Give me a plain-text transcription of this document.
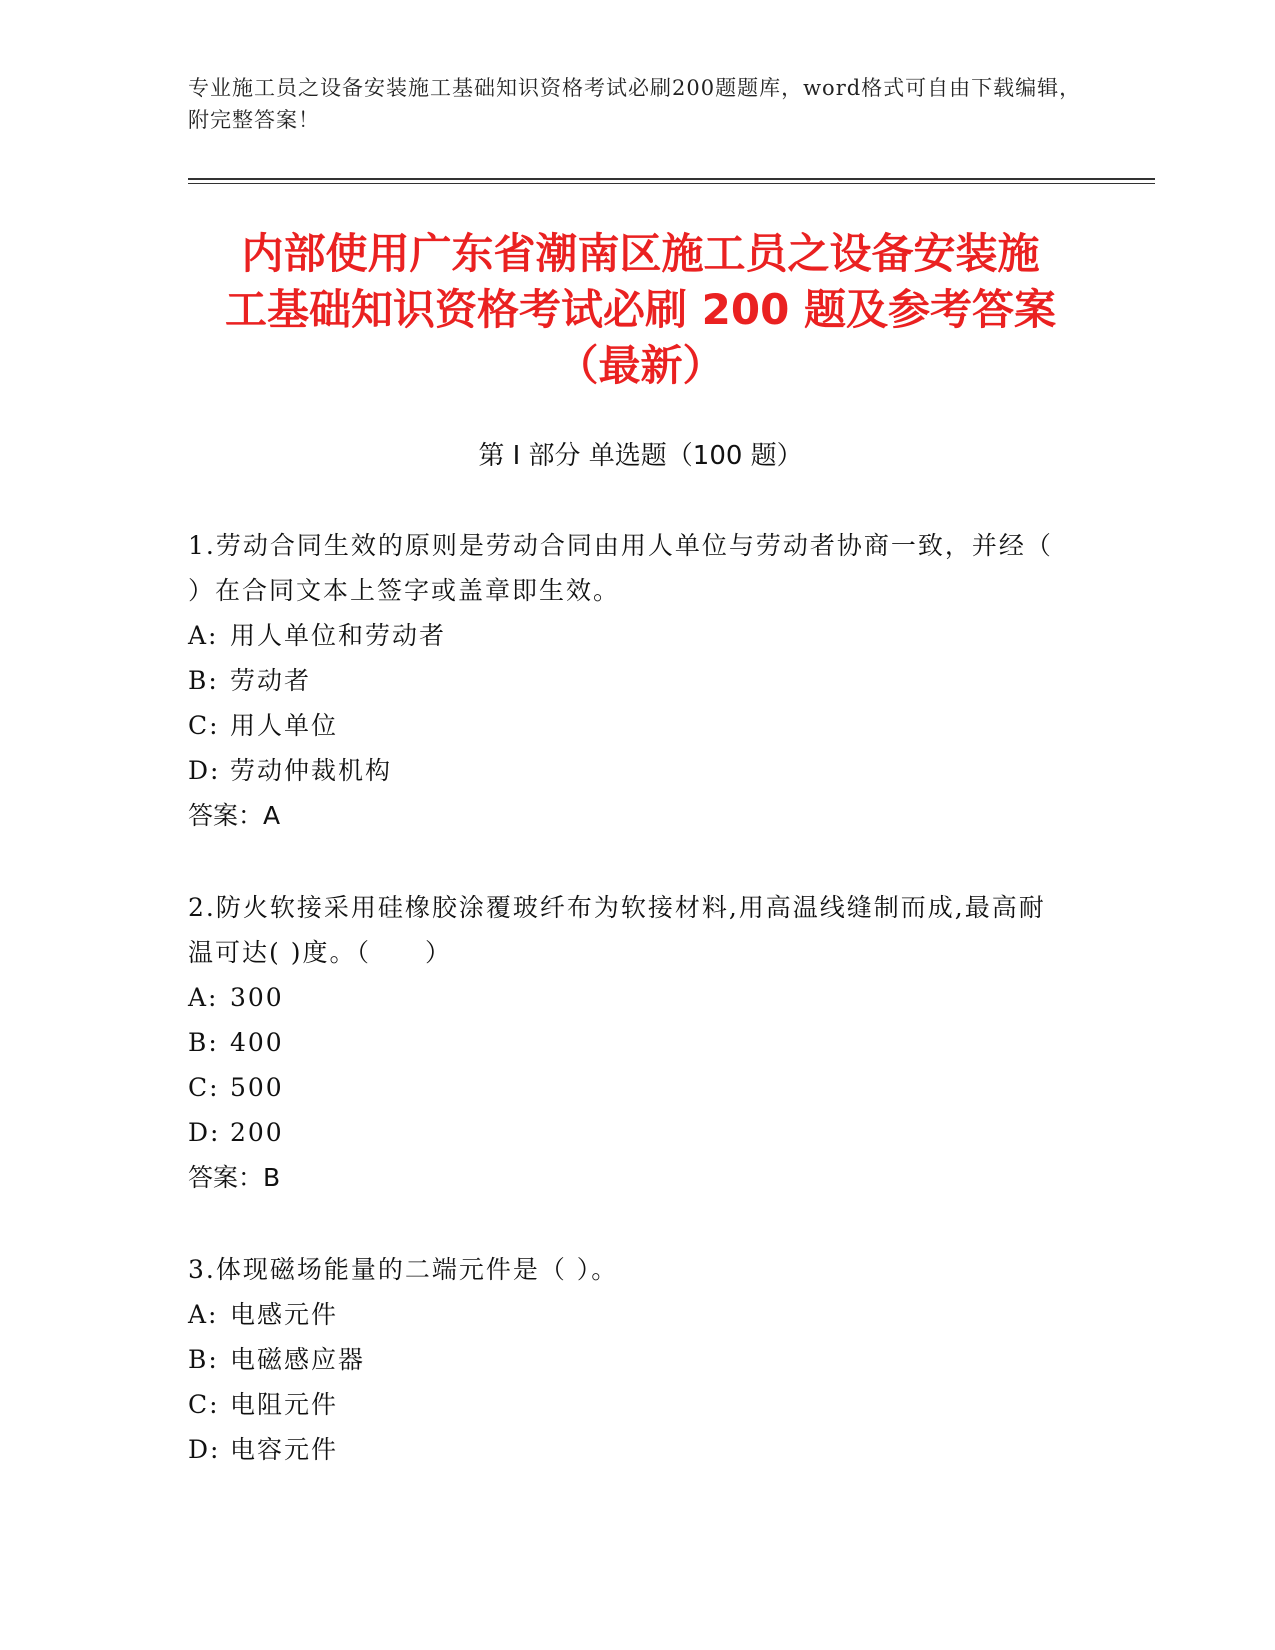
专业施工员之设备安装施工基础知识资格考试必刷200题题库，word格式可自由下载编辑，附完整答案！
内部使用广东省潮南区施工员之设备安装施
工基础知识资格考试必刷 200 题及参考答案
（最新）
第 I 部分 单选题（100 题）

1.劳动合同生效的原则是劳动合同由用人单位与劳动者协商一致，并经（ ）在合同文本上签字或盖章即生效。

A: 用人单位和劳动者

B: 劳动者

C: 用人单位

D: 劳动仲裁机构

答案：A

2.防火软接采用硅橡胶涂覆玻纤布为软接材料,用高温线缝制而成,最高耐温可达( )度。（　　）

A: 300

B: 400

C: 500

D: 200

答案：B

3.体现磁场能量的二端元件是（ ）。

A: 电感元件

B: 电磁感应器

C: 电阻元件

D: 电容元件
